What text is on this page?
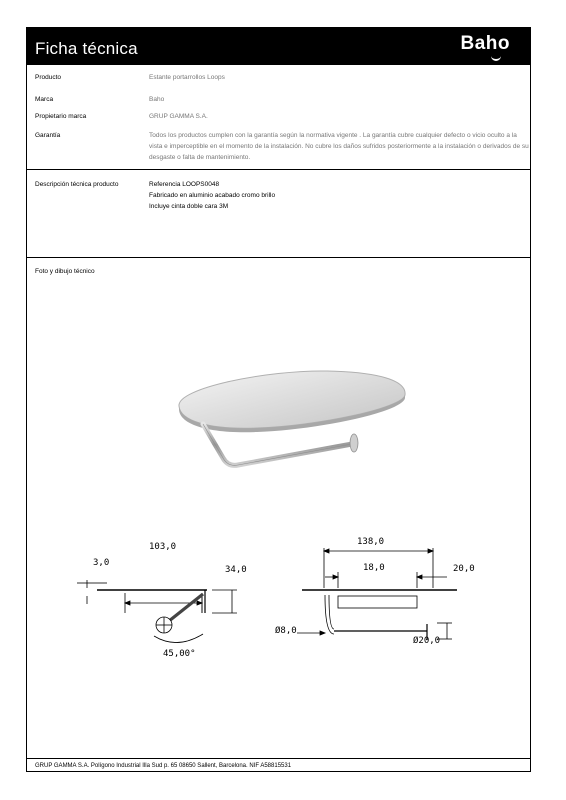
Ficha técnica	Baho
Producto	Estante portarrollos Loops
Marca	Baho
Propietario marca	GRUP GAMMA S.A.
Garantía	Todos los productos cumplen con la garantía según la normativa vigente . La garantía cubre cualquier defecto o vicio oculto a la vista e imperceptible en el momento de la instalación. No cubre los daños sufridos posteriormente a la instalación o derivados de su desgaste o falta de mantenimiento.
Descripción técnica producto	Referencia LOOPS0048

Fabricado en aluminio acabado cromo brillo

Incluye cinta doble cara 3M

Foto y dibujo técnico
103,0
3,0
34,0
45,00°
138,0
18,0	20,0
Ø8,0
Ø20,0
GRUP GAMMA S.A. Polígono Industrial Illa Sud p. 65 08650 Sallent, Barcelona. NIF A58815531
